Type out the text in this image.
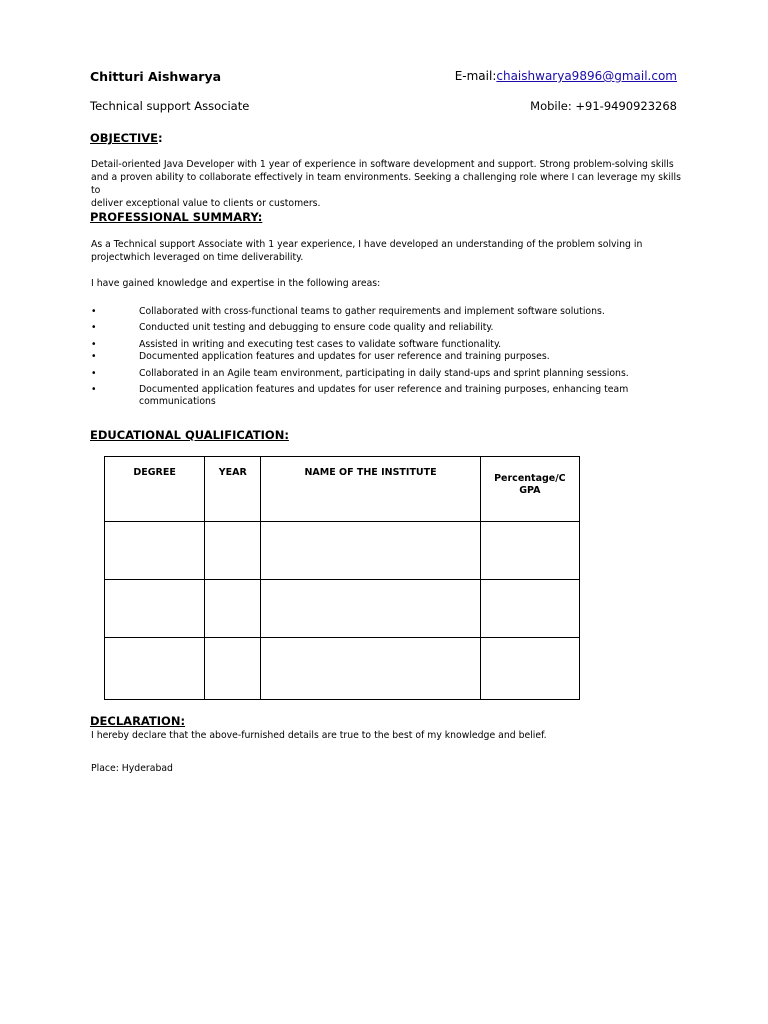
Chitturi Aishwarya	E-mail:chaishwarya9896@gmail.com
Technical support Associate	Mobile: +91-9490923268
OBJECTIVE:
Detail-oriented Java Developer with 1 year of experience in software development and support. Strong problem-solving skills
and a proven ability to collaborate effectively in team environments. Seeking a challenging role where I can leverage my skills to
deliver exceptional value to clients or customers.
PROFESSIONAL SUMMARY:
As a Technical support Associate with 1 year experience, I have developed an understanding of the problem solving in
projectwhich leveraged on time deliverability.
I have gained knowledge and expertise in the following areas:
•	Collaborated with cross-functional teams to gather requirements and implement software solutions.
•	Conducted unit testing and debugging to ensure code quality and reliability.
•	Assisted in writing and executing test cases to validate software functionality.
•	Documented application features and updates for user reference and training purposes.
•	Collaborated in an Agile team environment, participating in daily stand-ups and sprint planning sessions.
•	Documented application features and updates for user reference and training purposes, enhancing team communications
EDUCATIONAL QUALIFICATION:
DEGREE	YEAR	NAME OF THE INSTITUTE	Percentage/C
GPA

DECLARATION:
I hereby declare that the above-furnished details are true to the best of my knowledge and belief.
Place: Hyderabad
